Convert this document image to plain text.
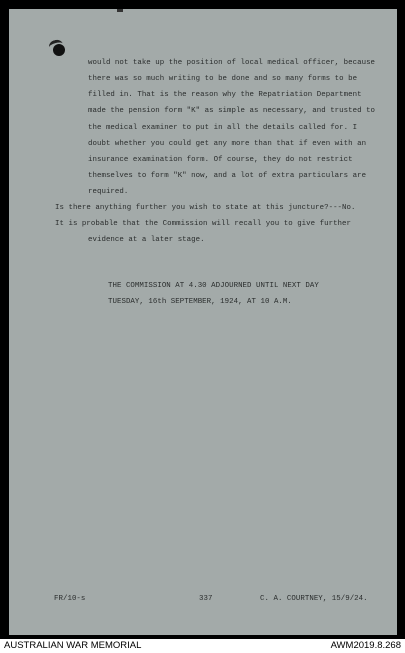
would not take up the position of local medical officer, because
there was so much writing to be done and so many forms to be
filled in. That is the reason why the Repatriation Department
made the pension form "K" as simple as necessary, and trusted to
the medical examiner to put in all the details called for. I
doubt whether you could get any more than that if even with an
insurance examination form. Of course, they do not restrict
themselves to form "K" now, and a lot of extra particulars are
required.
Is there anything further you wish to state at this juncture?---No.
It is probable that the Commission will recall you to give further
evidence at a later stage.
THE COMMISSION AT 4.30 ADJOURNED UNTIL NEXT DAY
TUESDAY, 16th SEPTEMBER, 1924, AT 10 A.M.
FR/10-s	337	C. A. COURTNEY, 15/9/24.
AUSTRALIAN WAR MEMORIAL	AWM2019.8.268
